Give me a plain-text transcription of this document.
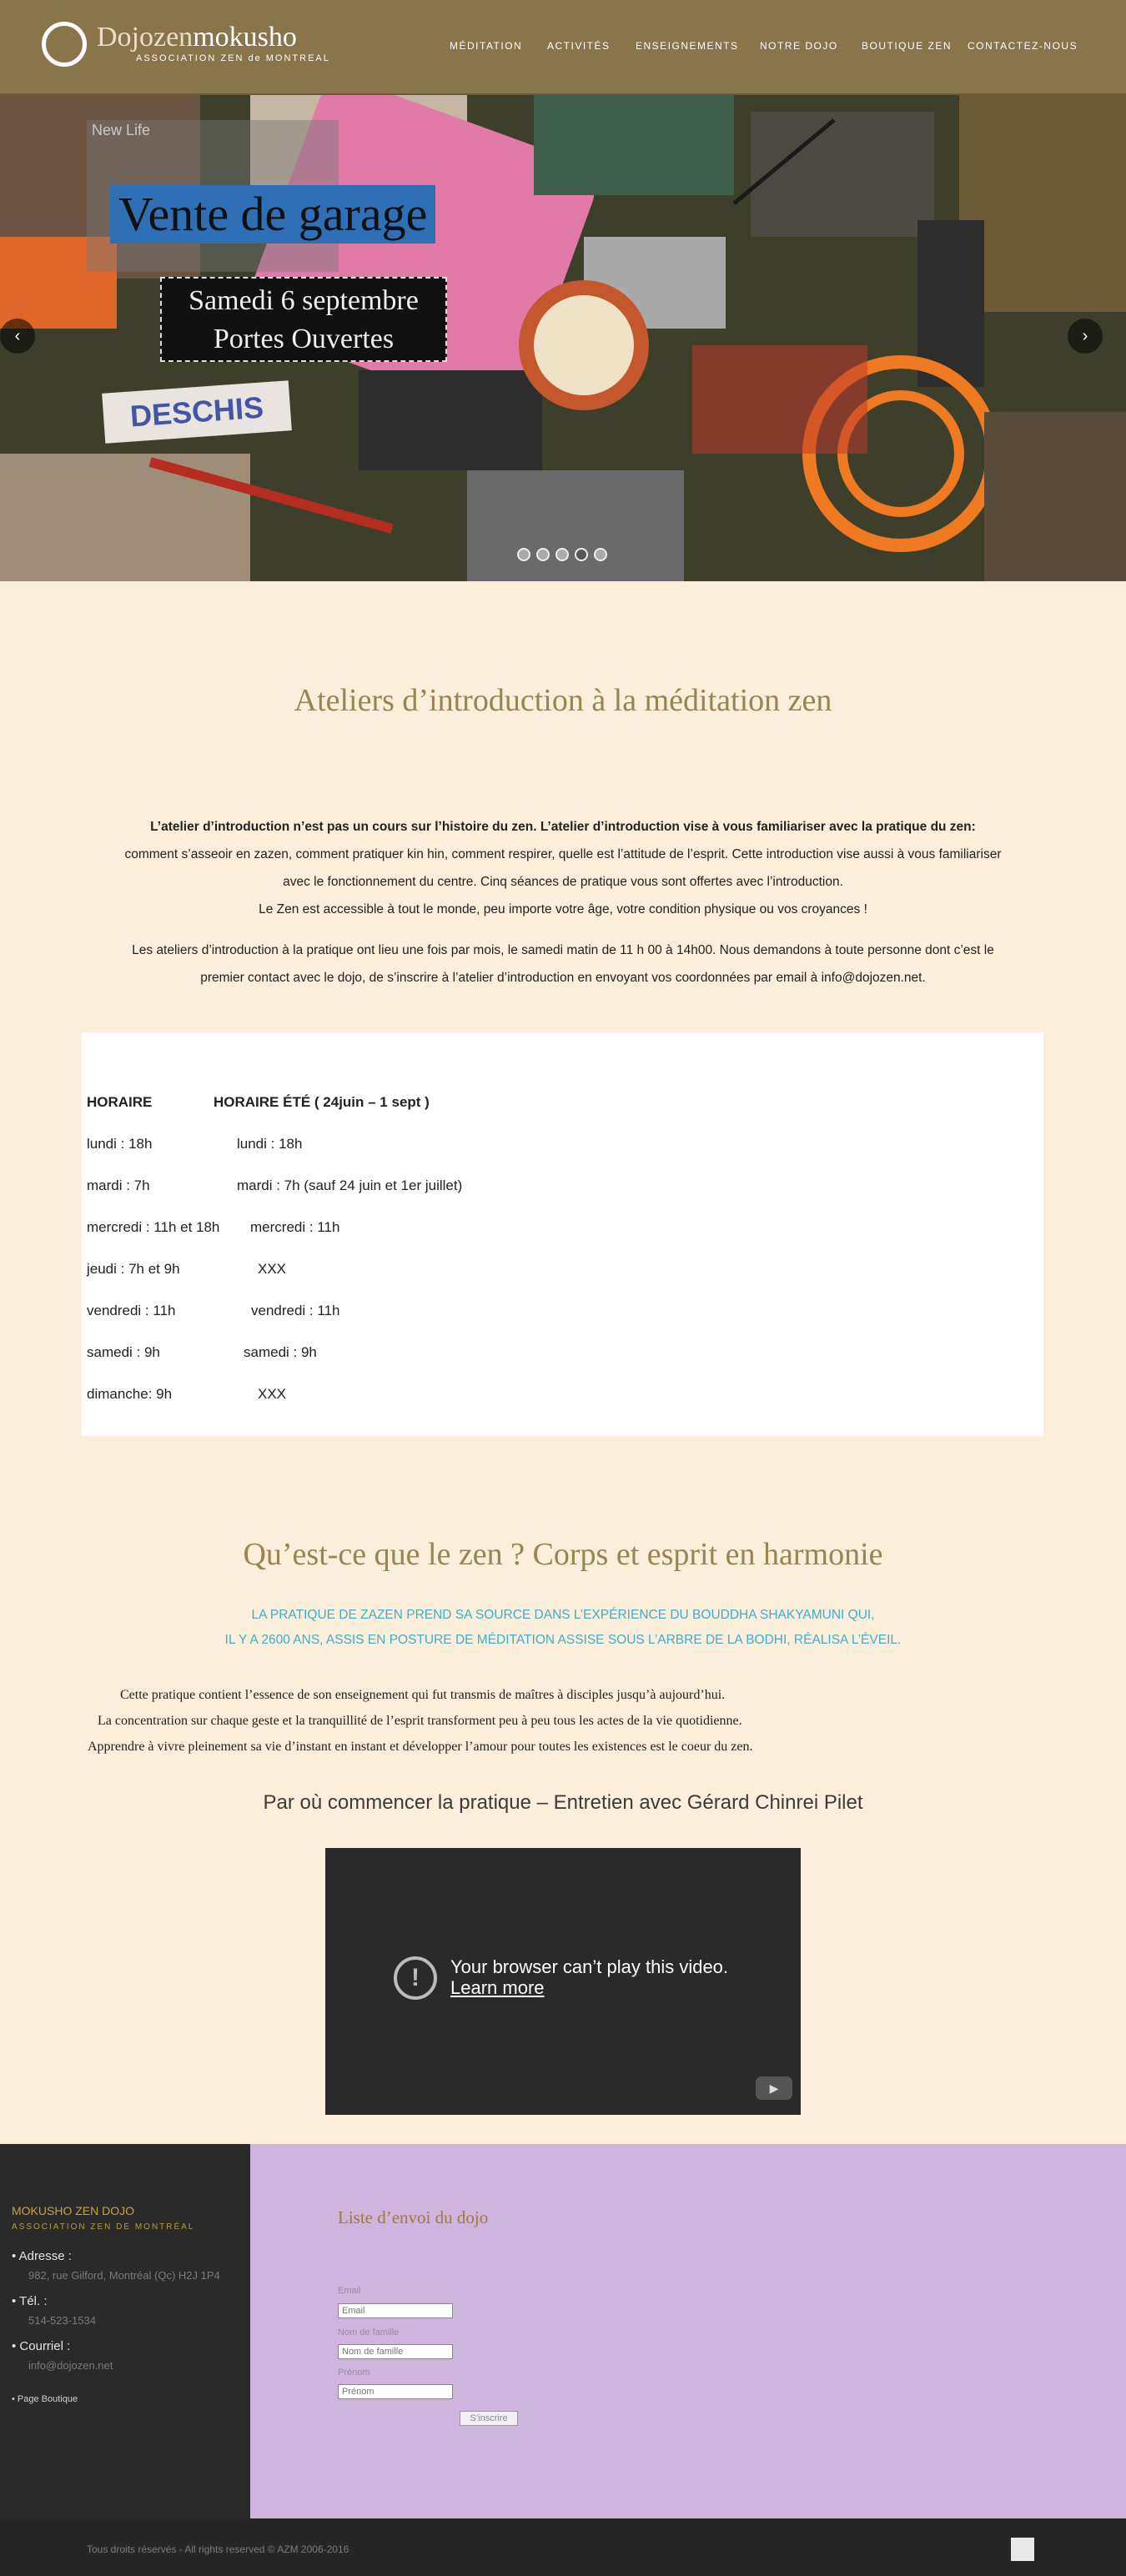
Dojozenmokusho
ASSOCIATION ZEN de MONTREAL
MÉDITATION ACTIVITÉS	ENSEIGNEMENTS NOTRE DOJO BOUTIQUE ZEN CONTACTEZ-NOUS
New Life
Vente de garage
Samedi 6 septembre
Portes Ouvertes
DESCHIS
‹	›
Ateliers d’introduction à la méditation zen
L’atelier d’introduction n’est pas un cours sur l’histoire du zen. L’atelier d’introduction vise à vous familiariser avec la pratique du zen:
comment s’asseoir en zazen, comment pratiquer kin hin, comment respirer, quelle est l’attitude de l’esprit. Cette introduction vise aussi à vous familiariser
avec le fonctionnement du centre. Cinq séances de pratique vous sont offertes avec l’introduction.
Le Zen est accessible à tout le monde, peu importe votre âge, votre condition physique ou vos croyances !
Les ateliers d’introduction à la pratique ont lieu une fois par mois, le samedi matin de 11 h 00 à 14h00. Nous demandons à toute personne dont c’est le
premier contact avec le dojo, de s’inscrire à l’atelier d’introduction en envoyant vos coordonnées par email à info@dojozen.net.
HORAIRE	HORAIRE ÉTÉ ( 24juin – 1 sept )
lundi : 18h	lundi : 18h
mardi : 7h	mardi : 7h (sauf 24 juin et 1er juillet)
mercredi : 11h et 18h mercredi : 11h
jeudi : 7h et 9h	XXX
vendredi : 11h	vendredi : 11h
samedi : 9h	samedi : 9h
dimanche: 9h	XXX
Qu’est-ce que le zen ? Corps et esprit en harmonie
LA PRATIQUE DE ZAZEN PREND SA SOURCE DANS L’EXPÉRIENCE DU BOUDDHA SHAKYAMUNI QUI,
IL Y A 2600 ANS, ASSIS EN POSTURE DE MÉDITATION ASSISE SOUS L’ARBRE DE LA BODHI, RÉALISA L’ÉVEIL.
Cette pratique contient l’essence de son enseignement qui fut transmis de maîtres à disciples jusqu’à aujourd’hui.
La concentration sur chaque geste et la tranquillité de l’esprit transforment peu à peu tous les actes de la vie quotidienne.
Apprendre à vivre pleinement sa vie d’instant en instant et développer l’amour pour toutes les existences est le coeur du zen.
Par où commencer la pratique – Entretien avec Gérard Chinrei Pilet
!	Your browser can’t play this video.
Learn more
▶
MOKUSHO ZEN DOJO
ASSOCIATION ZEN DE MONTRÉAL
• Adresse :
982, rue Gilford, Montréal (Qc) H2J 1P4
• Tél. :
514-523-1534
• Courriel :
info@dojozen.net
• Page Boutique
Liste d’envoi du dojo
Email
Email
Nom de famille
Nom de famille
Prénom
Prénom
S’inscrire
Tous droits réservés - All rights reserved © AZM 2006-2016
